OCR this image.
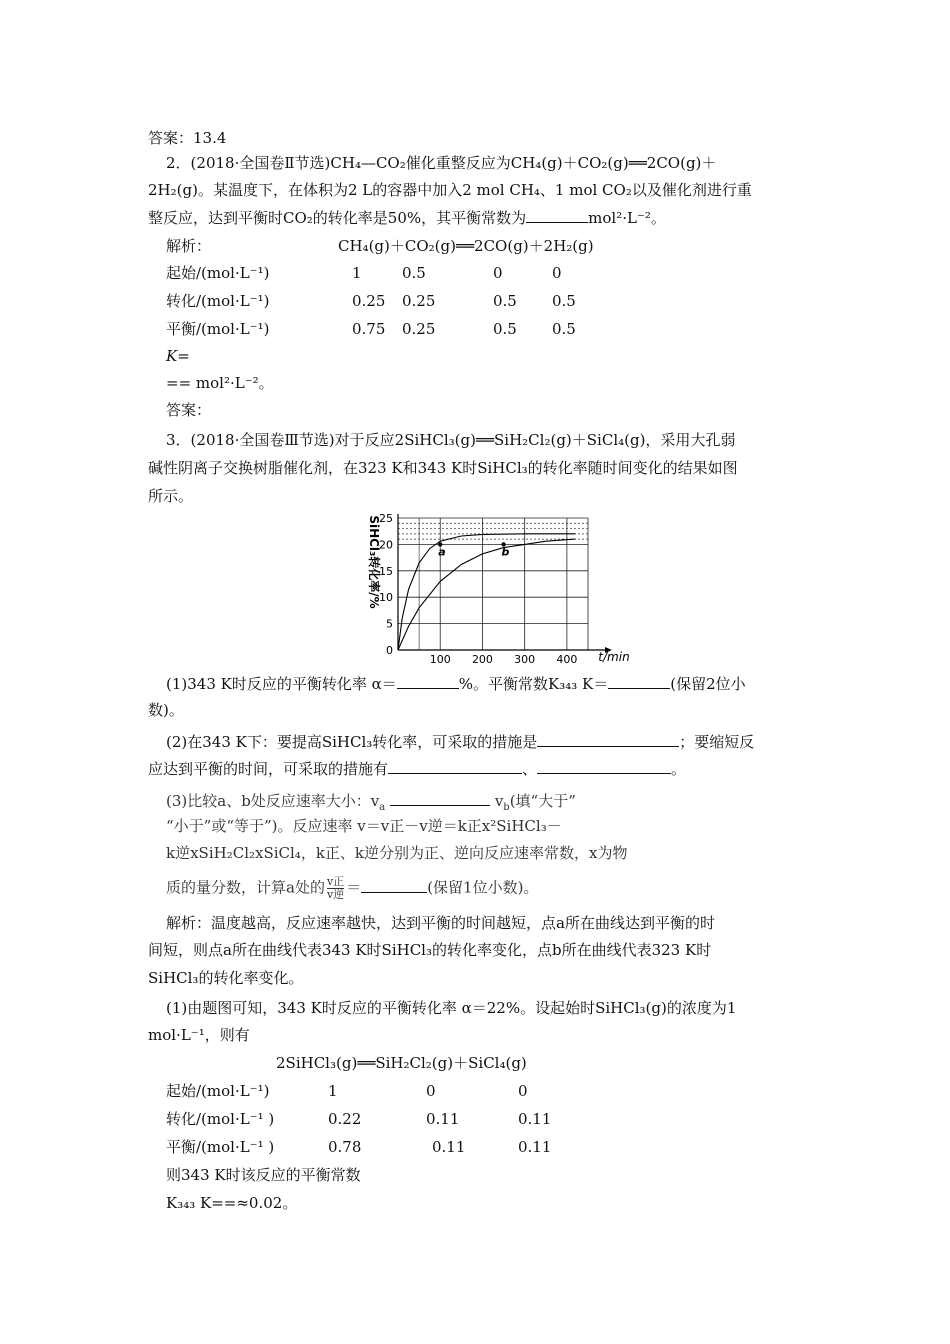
答案：13.4
2．(2018·全国卷Ⅱ节选)CH₄—CO₂催化重整反应为CH₄(g)＋CO₂(g)══2CO(g)＋
2H₂(g)。某温度下，在体积为2 L的容器中加入2 mol CH₄、1 mol CO₂以及催化剂进行重
整反应，达到平衡时CO₂的转化率是50%，其平衡常数为	mol²·L⁻²。
解析：	CH₄(g)＋CO₂(g)══2CO(g)＋2H₂(g)
起始/(mol·L⁻¹)	1	0.5	0	0
转化/(mol·L⁻¹)	0.25 0.25	0.5 0.5
平衡/(mol·L⁻¹)	0.75 0.25	0.5 0.5
K=
== mol²·L⁻²。
答案：
3．(2018·全国卷Ⅲ节选)对于反应2SiHCl₃(g)══SiH₂Cl₂(g)＋SiCl₄(g)，采用大孔弱
碱性阴离子交换树脂催化剂，在323 K和343 K时SiHCl₃的转化率随时间变化的结果如图
所示。
a	b
0
5
10
15
20
25
100 200 300 400
SiHCl₃转化率/%
t/min
(1)343 K时反应的平衡转化率 α＝	%。平衡常数K₃₄₃ K＝	(保留2位小
数)。
(2)在343 K下：要提高SiHCl₃转化率，可采取的措施是	；要缩短反
应达到平衡的时间，可采取的措施有	、	。
(3)比较a、b处反应速率大小：$v_a$	$v_b$(填“大于”
“小于”或“等于”)。反应速率 v＝v正－v逆＝k正x²SiHCl₃－
k逆xSiH₂Cl₂xSiCl₄，k正、k逆分别为正、逆向反应速率常数，x为物
质的量分数，计算a处的 v正
v逆 ＝	(保留1位小数)。
解析：温度越高，反应速率越快，达到平衡的时间越短，点a所在曲线达到平衡的时
间短，则点a所在曲线代表343 K时SiHCl₃的转化率变化，点b所在曲线代表323 K时
SiHCl₃的转化率变化。
(1)由题图可知，343 K时反应的平衡转化率 α＝22%。设起始时SiHCl₃(g)的浓度为1
mol·L⁻¹，则有
2SiHCl₃(g)══SiH₂Cl₂(g)＋SiCl₄(g)
起始/(mol·L⁻¹)	1	0	0
转化/(mol·L⁻¹ )	0.22	0.11	0.11
平衡/(mol·L⁻¹ )	0.78	0.11	0.11
则343 K时该反应的平衡常数
K₃₄₃ K==≈0.02。
